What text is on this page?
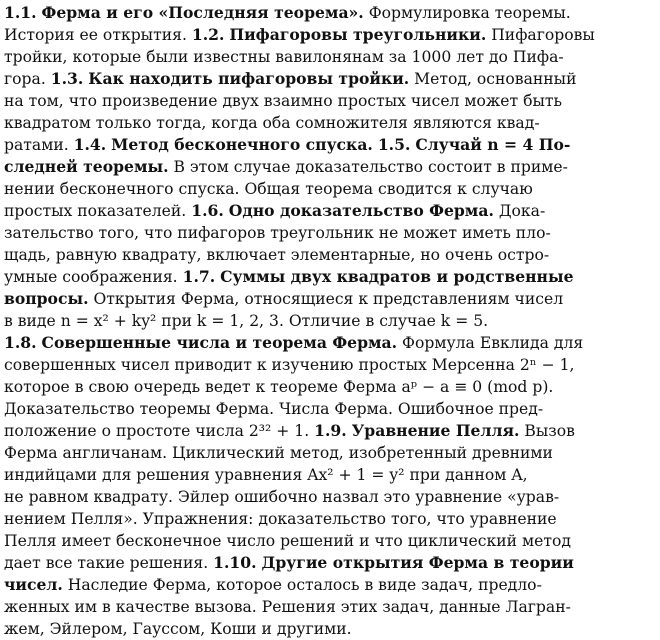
1.1. Ферма и его «Последняя теорема». Формулировка теоремы.
История ее открытия. 1.2. Пифагоровы треугольники. Пифагоровы
тройки, которые были известны вавилонянам за 1000 лет до Пифа-
гора. 1.3. Как находить пифагоровы тройки. Метод, основанный
на том, что произведение двух взаимно простых чисел может быть
квадратом только тогда, когда оба сомножителя являются квад-
ратами. 1.4. Метод бесконечного спуска. 1.5. Случай n = 4 По-
следней теоремы. В этом случае доказательство состоит в приме-
нении бесконечного спуска. Общая теорема сводится к случаю
простых показателей. 1.6. Одно доказательство Ферма. Дока-
зательство того, что пифагоров треугольник не может иметь пло-
щадь, равную квадрату, включает элементарные, но очень остро-
умные соображения. 1.7. Суммы двух квадратов и родственные
вопросы. Открытия Ферма, относящиеся к представлениям чисел
в виде n = x² + ky² при k = 1, 2, 3. Отличие в случае k = 5.
1.8. Совершенные числа и теорема Ферма. Формула Евклида для
совершенных чисел приводит к изучению простых Мерсенна 2ⁿ − 1,
которое в свою очередь ведет к теореме Ферма aᵖ − a ≡ 0 (mod p).
Доказательство теоремы Ферма. Числа Ферма. Ошибочное пред-
положение о простоте числа 2³² + 1. 1.9. Уравнение Пелля. Вызов
Ферма англичанам. Циклический метод, изобретенный древними
индийцами для решения уравнения Ax² + 1 = y² при данном A,
не равном квадрату. Эйлер ошибочно назвал это уравнение «урав-
нением Пелля». Упражнения: доказательство того, что уравнение
Пелля имеет бесконечное число решений и что циклический метод
дает все такие решения. 1.10. Другие открытия Ферма в теории
чисел. Наследие Ферма, которое осталось в виде задач, предло-
женных им в качестве вызова. Решения этих задач, данные Лагран-
жем, Эйлером, Гауссом, Коши и другими.
